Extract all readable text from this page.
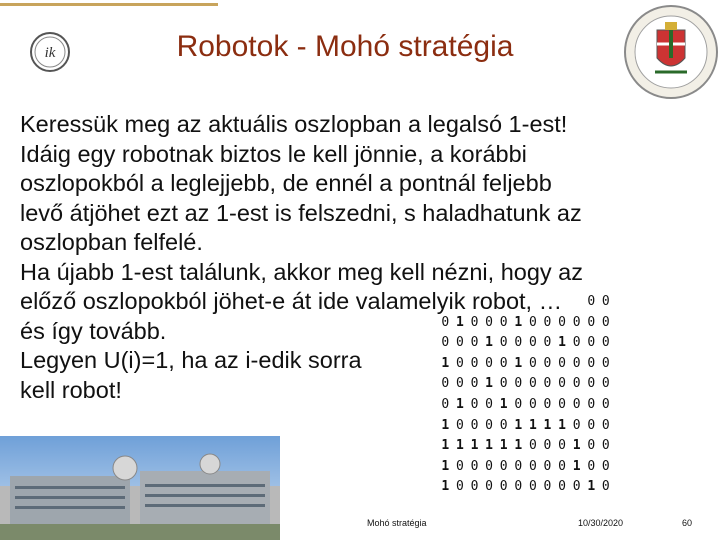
ik	Robotok - Mohó stratégia
Keressük meg az aktuális oszlopban a legalsó 1-est!
Idáig egy robotnak biztos le kell jönnie, a korábbi
oszlopokból a leglejjebb, de ennél a pontnál feljebb
levő átjöhet ezt az 1-est is felszedni, s haladhatunk az
oszlopban felfelé.
Ha újabb 1-est találunk, akkor meg kell nézni, hogy az
előző oszlopokból jöhet-e át ide valamelyik robot, …
és így tovább.
Legyen U(i)=1, ha az i-edik sorra
kell robot!
0 0
0 1 0 0 0 1 0 0 0 0 0 0
0 0 0 1 0 0 0 0 1 0 0 0
1 0 0 0 0 1 0 0 0 0 0 0
0 0 0 1 0 0 0 0 0 0 0 0
0 1 0 0 1 0 0 0 0 0 0 0
1 0 0 0 0 1 1 1 1 0 0 0
1 1 1 1 1 1 0 0 0 1 0 0
1 0 0 0 0 0 0 0 0 1 0 0
1 0 0 0 0 0 0 0 0 0 1 0
Mohó stratégia	10/30/2020	60
